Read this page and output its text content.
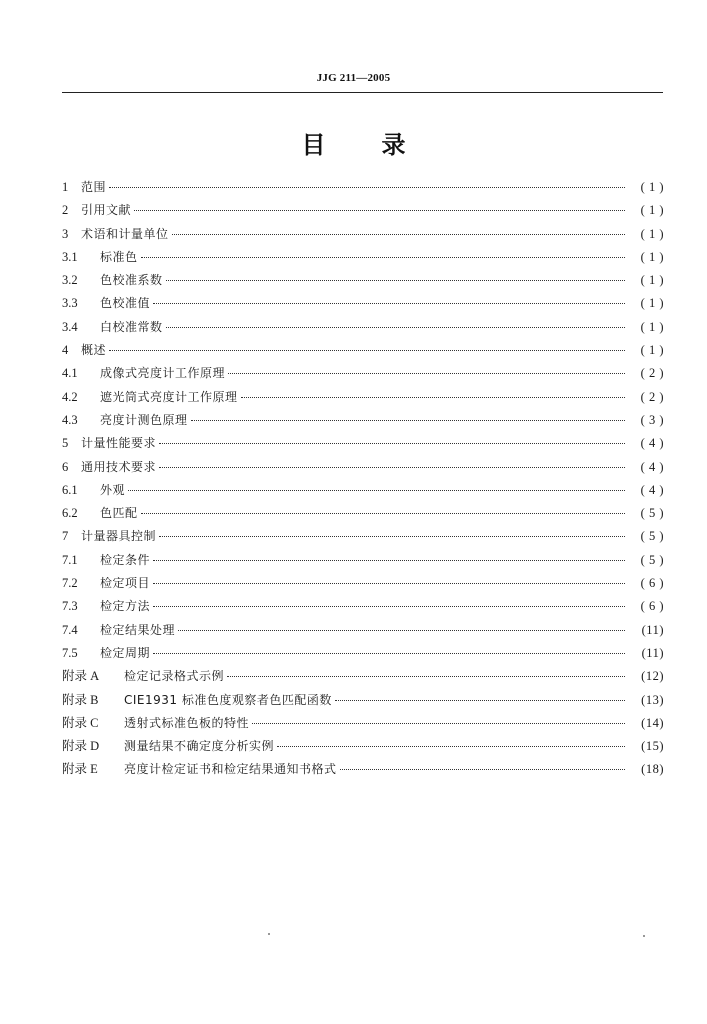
JJG 211—2005
目 录
1	范围	( 1 )
2	引用文献	( 1 )
3	术语和计量单位	( 1 )
3.1	标准色	( 1 )
3.2	色校准系数	( 1 )
3.3	色校准值	( 1 )
3.4	白校准常数	( 1 )
4	概述	( 1 )
4.1	成像式亮度计工作原理	( 2 )
4.2	遮光筒式亮度计工作原理	( 2 )
4.3	亮度计测色原理	( 3 )
5	计量性能要求	( 4 )
6	通用技术要求	( 4 )
6.1	外观	( 4 )
6.2	色匹配	( 5 )
7	计量器具控制	( 5 )
7.1	检定条件	( 5 )
7.2	检定项目	( 6 )
7.3	检定方法	( 6 )
7.4	检定结果处理	(11)
7.5	检定周期	(11)
附录 A	检定记录格式示例	(12)
附录 B	CIE1931 标准色度观察者色匹配函数	(13)
附录 C	透射式标准色板的特性	(14)
附录 D	测量结果不确定度分析实例	(15)
附录 E	亮度计检定证书和检定结果通知书格式	(18)
